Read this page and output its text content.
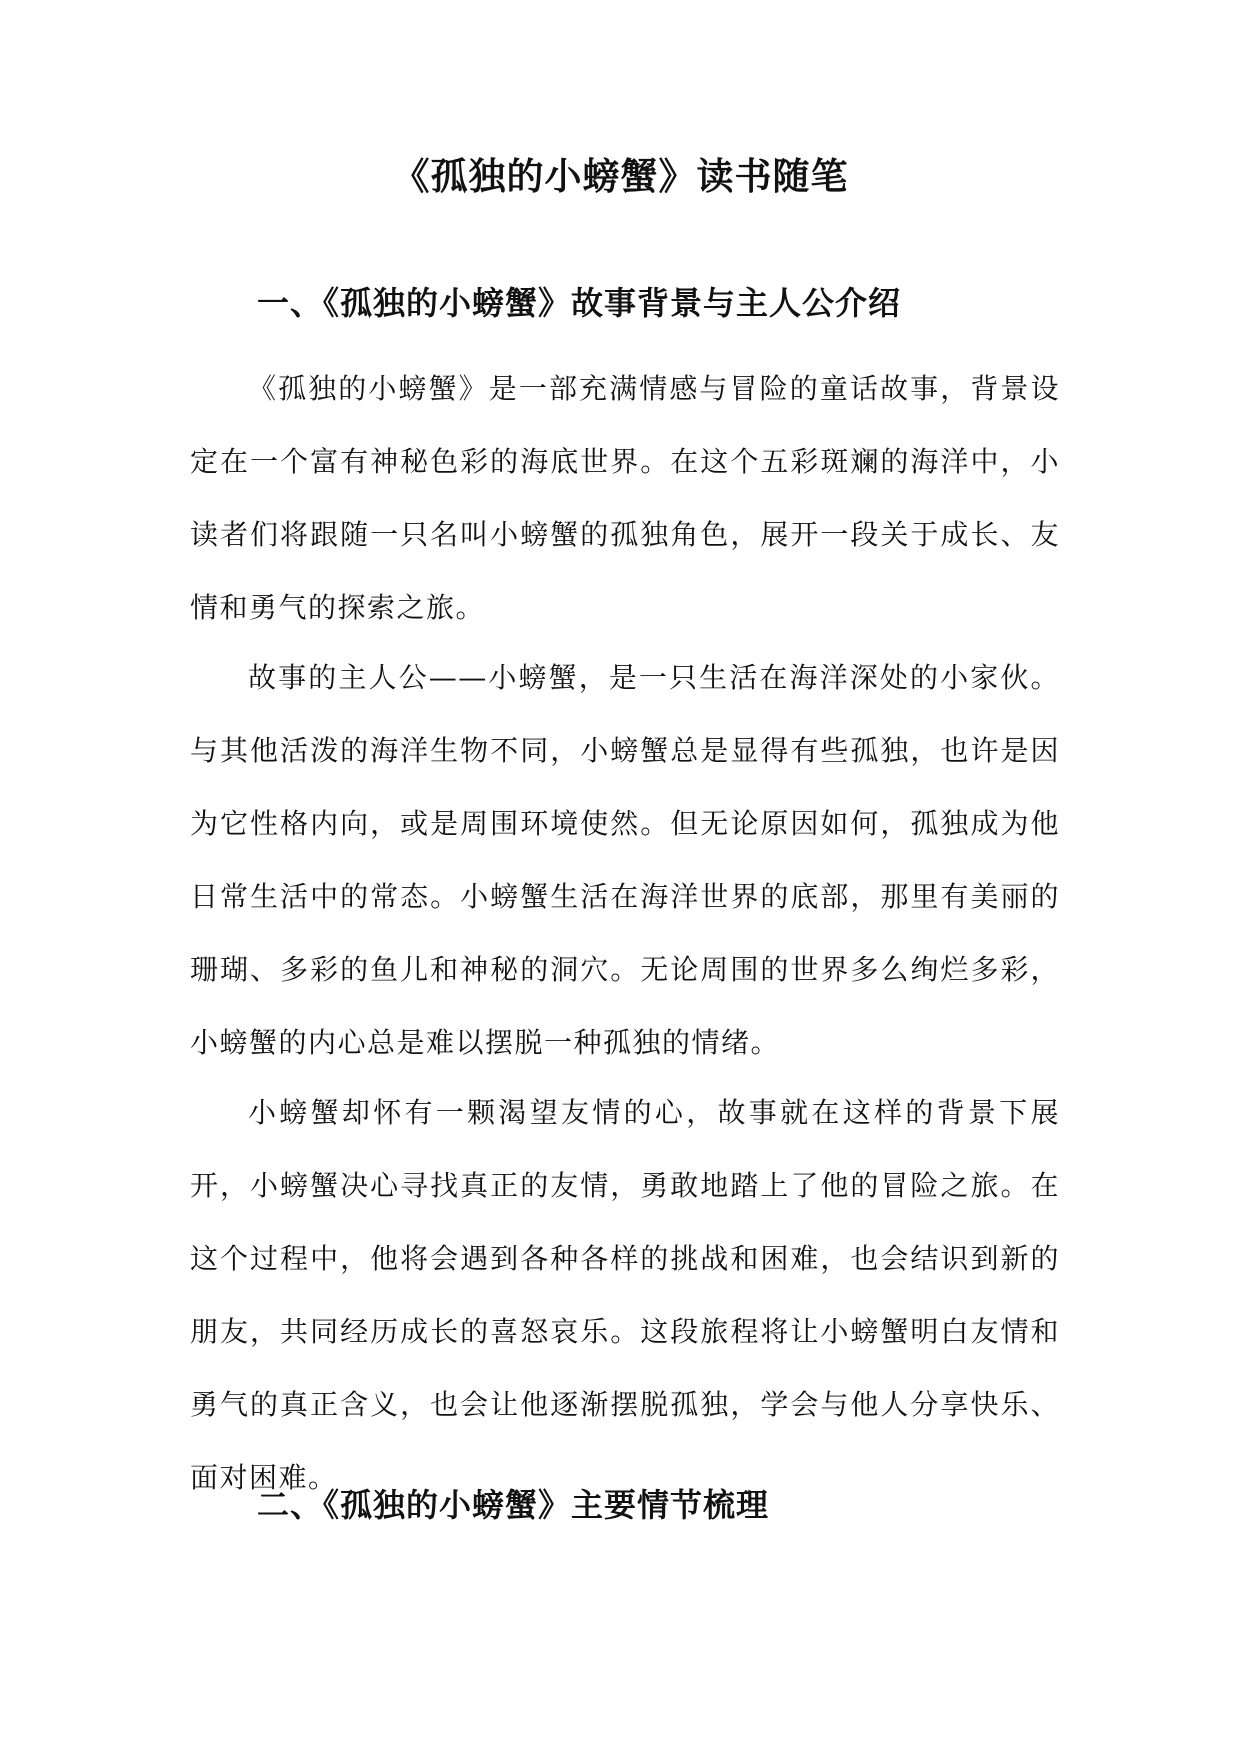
《孤独的小螃蟹》读书随笔
一、《孤独的小螃蟹》故事背景与主人公介绍

《孤独的小螃蟹》是一部充满情感与冒险的童话故事，背景设定在一个富有神秘色彩的海底世界。在这个五彩斑斓的海洋中，小读者们将跟随一只名叫小螃蟹的孤独角色，展开一段关于成长、友情和勇气的探索之旅。

故事的主人公——小螃蟹，是一只生活在海洋深处的小家伙。与其他活泼的海洋生物不同，小螃蟹总是显得有些孤独，也许是因为它性格内向，或是周围环境使然。但无论原因如何，孤独成为他日常生活中的常态。小螃蟹生活在海洋世界的底部，那里有美丽的珊瑚、多彩的鱼儿和神秘的洞穴。无论周围的世界多么绚烂多彩，小螃蟹的内心总是难以摆脱一种孤独的情绪。

小螃蟹却怀有一颗渴望友情的心，故事就在这样的背景下展开，小螃蟹决心寻找真正的友情，勇敢地踏上了他的冒险之旅。在这个过程中，他将会遇到各种各样的挑战和困难，也会结识到新的朋友，共同经历成长的喜怒哀乐。这段旅程将让小螃蟹明白友情和勇气的真正含义，也会让他逐渐摆脱孤独，学会与他人分享快乐、面对困难。

二、《孤独的小螃蟹》主要情节梳理
